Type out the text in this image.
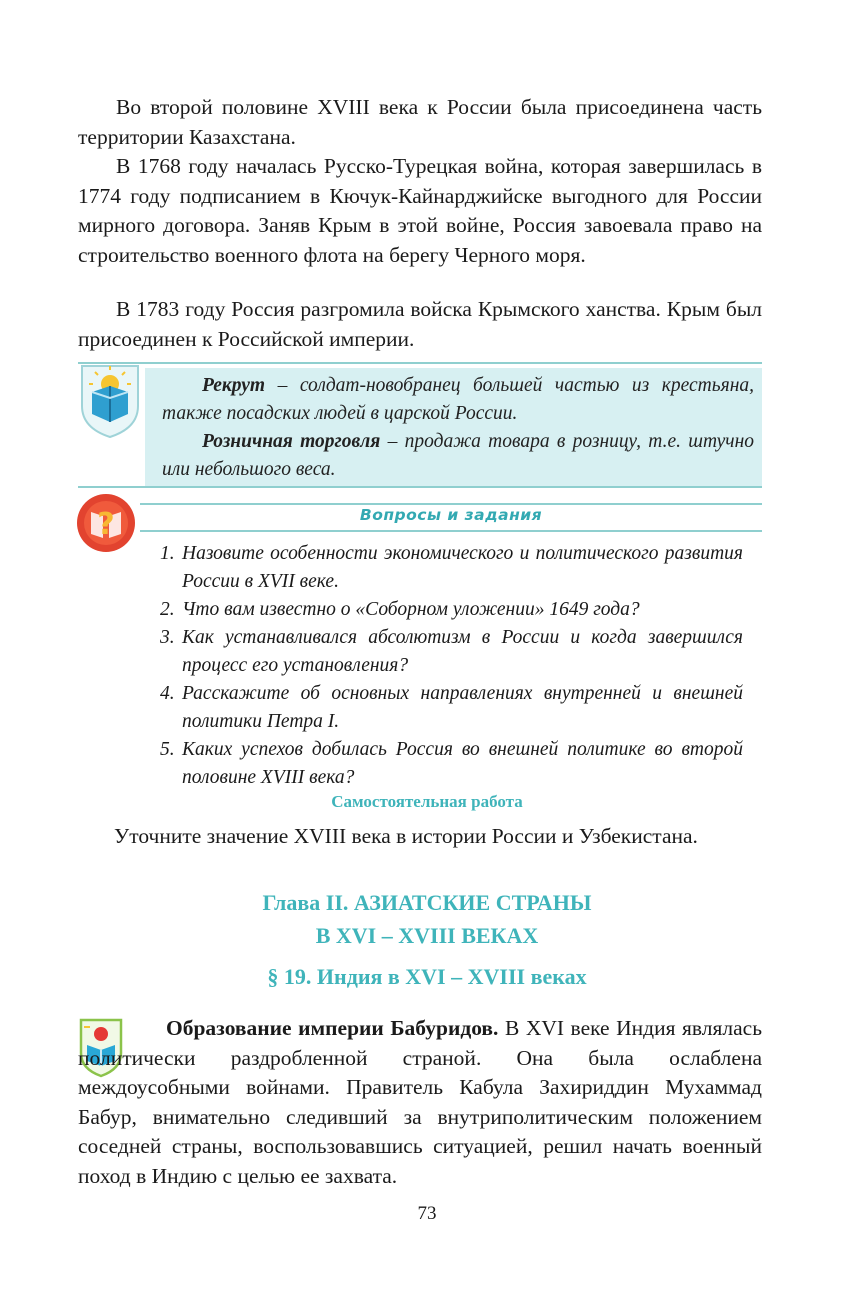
Во второй половине XVIII века к России была присоединена часть территории Казахстана.

В 1768 году началась Русско-Турецкая война, которая завершилась в 1774 году подписанием в Кючук-Кайнарджийске выгодного для России мирного договора. Заняв Крым в этой войне, Россия завоевала право на строительство военного флота на берегу Черного моря.

В 1783 году Россия разгромила войска Крымского ханства. Крым был присоединен к Российской империи.

Рекрут – солдат-новобранец большей частью из крестьяна, также посадских людей в царской России.
Розничная торговля – продажа товара в розницу, т.е. штучно или небольшого веса.

?	Вопросы и задания
1. Назовите особенности экономического и политического развития России в XVII веке.
2. Что вам известно о «Соборном уложении» 1649 года?
3. Как устанавливался абсолютизм в России и когда завершился процесс его установления?
4. Расскажите об основных направлениях внутренней и внешней политики Петра I.
5. Каких успехов добилась Россия во внешней политике во второй половине XVIII века?
Самостоятельная работа

Уточните значение XVIII века в истории России и Узбекистана.

Глава II. АЗИАТСКИЕ СТРАНЫ
В XVI – XVIII ВЕКАХ
§ 19. Индия в XVI – XVIII веках

Образование империи Бабуридов. В XVI веке Индия являлась политически раздробленной страной. Она была ослаблена междоусобными войнами. Правитель Кабула Захириддин Мухаммад Бабур, внимательно следивший за внутриполитическим положением соседней страны, воспользовавшись ситуацией, решил начать военный поход в Индию с целью ее захвата.

73
